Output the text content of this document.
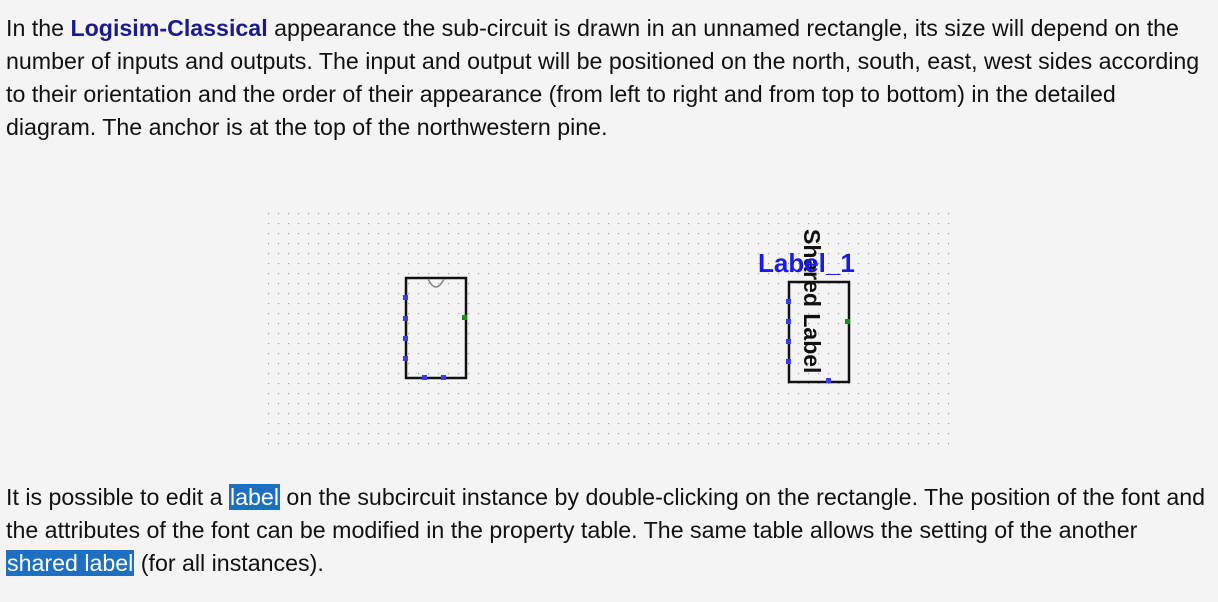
In the Logisim-Classical appearance the sub-circuit is drawn in an unnamed rectangle, its size will depend on the number of inputs and outputs. The input and output will be positioned on the north, south, east, west sides according to their orientation and the order of their appearance (from left to right and from top to bottom) in the detailed diagram. The anchor is at the top of the northwestern pine.

Shared Label
Label_1

It is possible to edit a label on the subcircuit instance by double-clicking on the rectangle. The position of the font and the attributes of the font can be modified in the property table. The same table allows the setting of the another shared label (for all instances).
